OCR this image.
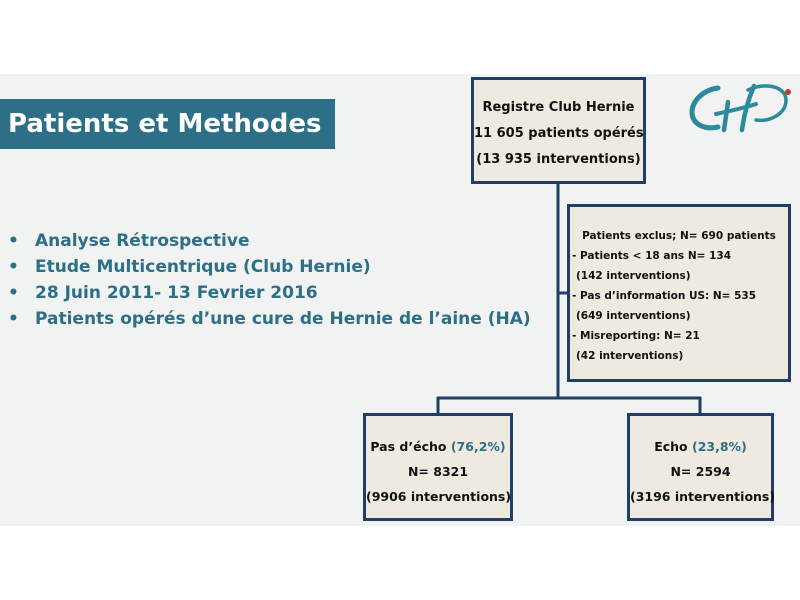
Patients et Methodes
• Analyse Rétrospective
• Etude Multicentrique (Club Hernie)
• 28 Juin 2011- 13 Fevrier 2016
• Patients opérés d’une cure de Hernie de l’aine (HA)
Registre Club Hernie
11 605 patients opérés
(13 935 interventions)
Patients exclus; N= 690 patients
- Patients < 18 ans N= 134
(142 interventions)
- Pas d’information US: N= 535
(649 interventions)
- Misreporting: N= 21
(42 interventions)
Pas d’écho (76,2%)
N= 8321
(9906 interventions)
Echo (23,8%)
N= 2594
(3196 interventions)
